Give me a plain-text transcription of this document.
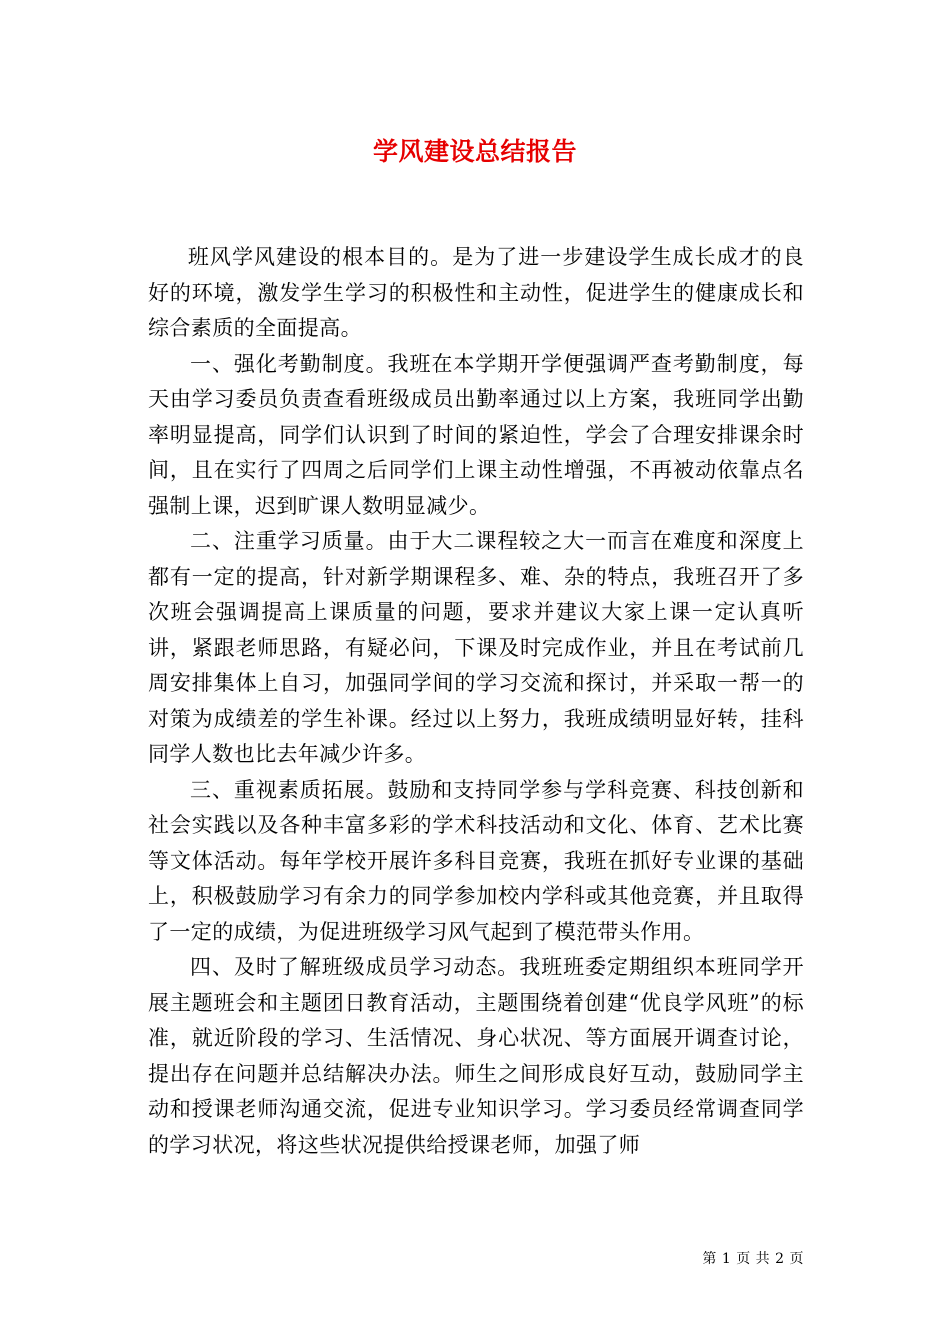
学风建设总结报告

班风学风建设的根本目的。是为了进一步建设学生成长成才的良好的环境，激发学生学习的积极性和主动性，促进学生的健康成长和综合素质的全面提高。

一、强化考勤制度。我班在本学期开学便强调严查考勤制度，每天由学习委员负责查看班级成员出勤率通过以上方案，我班同学出勤率明显提高，同学们认识到了时间的紧迫性，学会了合理安排课余时间，且在实行了四周之后同学们上课主动性增强，不再被动依靠点名强制上课，迟到旷课人数明显减少。

二、注重学习质量。由于大二课程较之大一而言在难度和深度上都有一定的提高，针对新学期课程多、难、杂的特点，我班召开了多次班会强调提高上课质量的问题，要求并建议大家上课一定认真听讲，紧跟老师思路，有疑必问，下课及时完成作业，并且在考试前几周安排集体上自习，加强同学间的学习交流和探讨，并采取一帮一的对策为成绩差的学生补课。经过以上努力，我班成绩明显好转，挂科同学人数也比去年减少许多。

三、重视素质拓展。鼓励和支持同学参与学科竞赛、科技创新和社会实践以及各种丰富多彩的学术科技活动和文化、体育、艺术比赛等文体活动。每年学校开展许多科目竞赛，我班在抓好专业课的基础上，积极鼓励学习有余力的同学参加校内学科或其他竞赛，并且取得了一定的成绩，为促进班级学习风气起到了模范带头作用。

四、及时了解班级成员学习动态。我班班委定期组织本班同学开展主题班会和主题团日教育活动，主题围绕着创建“优良学风班”的标准，就近阶段的学习、生活情况、身心状况、等方面展开调查讨论，提出存在问题并总结解决办法。师生之间形成良好互动，鼓励同学主动和授课老师沟通交流，促进专业知识学习。学习委员经常调查同学的学习状况，将这些状况提供给授课老师，加强了师

第 1 页 共 2 页
